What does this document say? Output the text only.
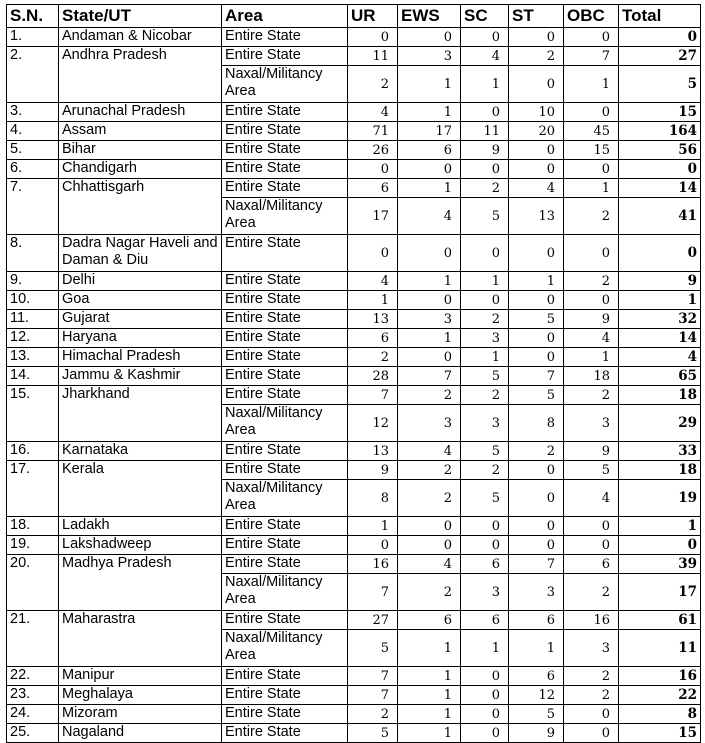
S.N.	State/UT	Area	UR	EWS	SC	ST	OBC	Total
1.	Andaman & Nicobar	Entire State	0	0	0	0	0	0
2.	Andhra Pradesh	Entire State	11	3	4	2	7	27
		Naxal/Militancy Area	2	1	1	0	1	5
3.	Arunachal Pradesh	Entire State	4	1	0	10	0	15
4.	Assam	Entire State	71	17	11	20	45	164
5.	Bihar	Entire State	26	6	9	0	15	56
6.	Chandigarh	Entire State	0	0	0	0	0	0
7.	Chhattisgarh	Entire State	6	1	2	4	1	14
		Naxal/Militancy Area	17	4	5	13	2	41
8.	Dadra Nagar Haveli and Daman & Diu	Entire State	0	0	0	0	0	0
9.	Delhi	Entire State	4	1	1	1	2	9
10.	Goa	Entire State	1	0	0	0	0	1
11.	Gujarat	Entire State	13	3	2	5	9	32
12.	Haryana	Entire State	6	1	3	0	4	14
13.	Himachal Pradesh	Entire State	2	0	1	0	1	4
14.	Jammu & Kashmir	Entire State	28	7	5	7	18	65
15.	Jharkhand	Entire State	7	2	2	5	2	18
		Naxal/Militancy Area	12	3	3	8	3	29
16.	Karnataka	Entire State	13	4	5	2	9	33
17.	Kerala	Entire State	9	2	2	0	5	18
		Naxal/Militancy Area	8	2	5	0	4	19
18.	Ladakh	Entire State	1	0	0	0	0	1
19.	Lakshadweep	Entire State	0	0	0	0	0	0
20.	Madhya Pradesh	Entire State	16	4	6	7	6	39
		Naxal/Militancy Area	7	2	3	3	2	17
21.	Maharastra	Entire State	27	6	6	6	16	61
		Naxal/Militancy Area	5	1	1	1	3	11
22.	Manipur	Entire State	7	1	0	6	2	16
23.	Meghalaya	Entire State	7	1	0	12	2	22
24.	Mizoram	Entire State	2	1	0	5	0	8
25.	Nagaland	Entire State	5	1	0	9	0	15
